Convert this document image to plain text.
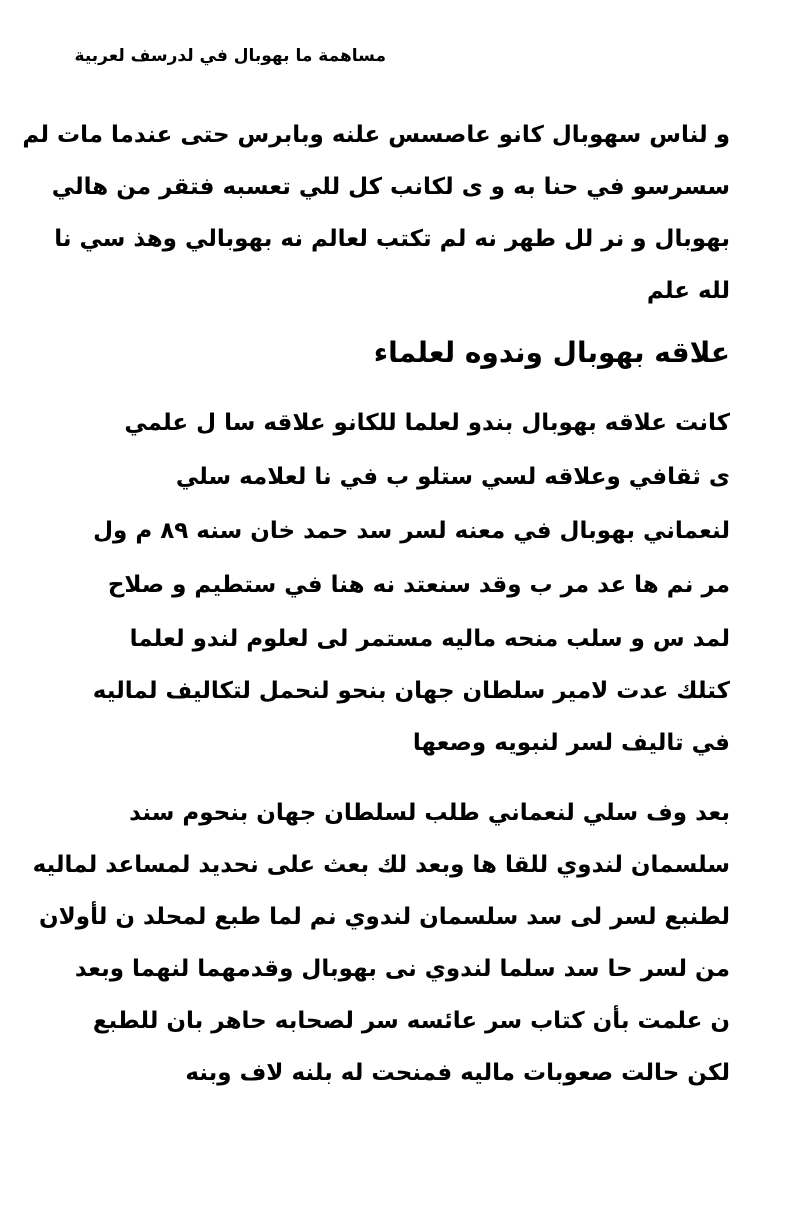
مساهمة ما بهوبال في لدرسف لعربية
و لناس سهوبال كانو عاصسس علنه وبابرس حتى عندما مات لم
سسرسو في حنا به و ى لكانب كل للي تعسبه فتقر من هالي
بهوبال و نر لل طهر نه لم تكتب لعالم نه بهوبالي وهذ سي نا
لله علم
علاقه بهوبال وندوه لعلماء
كانت علاقه بهوبال بندو لعلما للكانو علاقه سا ل علمي
ى ثقافي وعلاقه لسي ستلو ب في نا لعلامه سلي
لنعماني بهوبال في معنه لسر سد حمد خان سنه ٨٩ م ول
مر نم ها عد مر ب وقد سنعتد نه هنا في ستطيم و صلاح
لمد س و سلب منحه ماليه مستمر لى لعلوم لندو لعلما
كتلك عدت لامير سلطان جهان بنحو لنحمل لتكاليف لماليه
في تاليف لسر لنبويه وصعها
بعد وف سلي لنعماني طلب لسلطان جهان بنحوم سند
سلسمان لندوي للقا ها وبعد لك بعث على نحديد لمساعد لماليه
لطنبع لسر لى سد سلسمان لندوي نم لما طبع لمحلد ن لأولان
من لسر حا سد سلما لندوي نى بهوبال وقدمهما لنهما وبعد
ن علمت بأن كتاب سر عائسه سر لصحابه حاهر بان للطبع
لكن حالت صعوبات ماليه فمنحت له بلنه لاف وبنه
